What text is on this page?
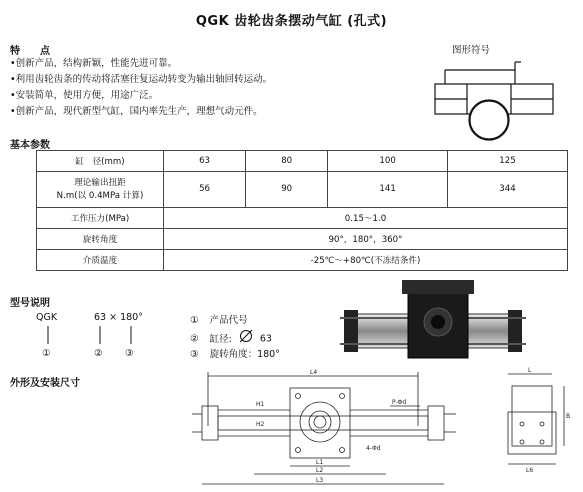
QGK 齿轮齿条摆动气缸 (孔式)
特　　点
•创新产品，结构新颖，性能先进可靠。
•利用齿轮齿条的传动将活塞往复运动转变为输出轴回转运动。
•安装简单，使用方便，用途广泛。
•创新产品，现代新型气缸，国内率先生产，理想气动元件。
图形符号
基本参数
缸　径(mm)	63	80	100	125

理论输出扭距
N.m(以 0.4MPa 计算)	56	90	141	344
工作压力(MPa)	0.15～1.0			
旋转角度	90°，180°，360°			
介质温度	-25℃～+80℃(不冻结条件)			
型号说明
QGK	63 × 180°
①	② ③
① 产品代号
② 缸径:	63
③ 旋转角度：180°
外形及安装尺寸
L4
L1
L2
L3
4-Φd
P-Φd
L
L6
B
H1
H2
